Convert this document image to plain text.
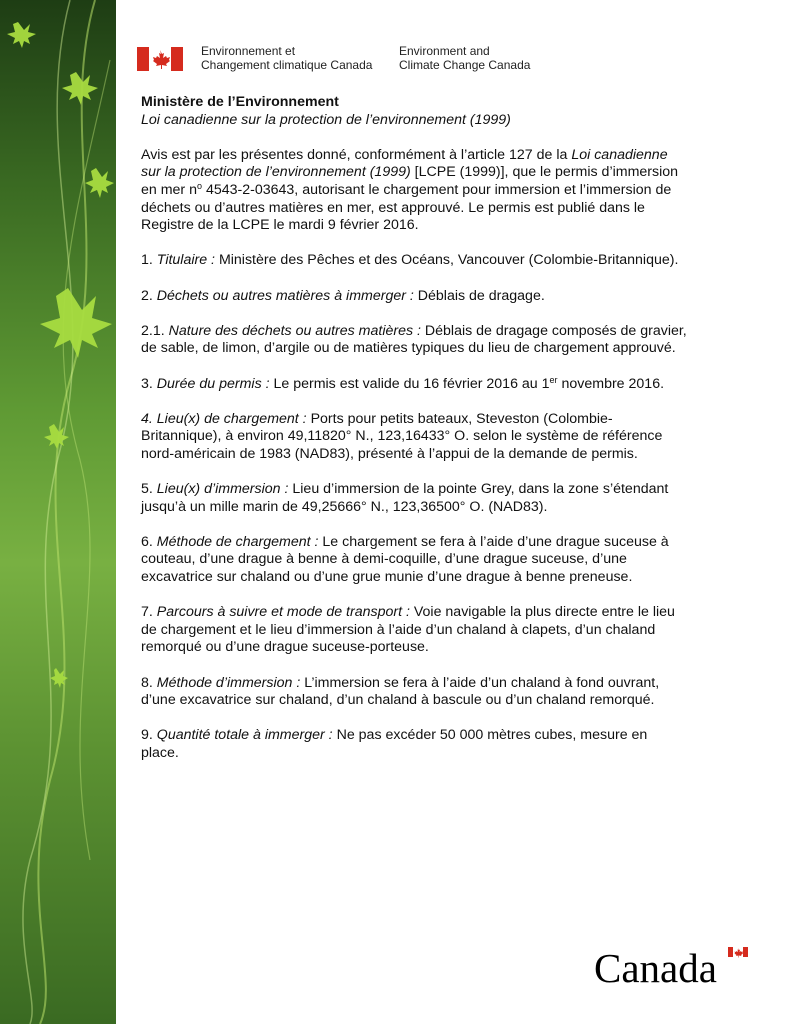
Environnement et
Changement climatique Canada
Environment and
Climate Change Canada
Ministère de l’Environnement

Loi canadienne sur la protection de l’environnement (1999)

Avis est par les présentes donné, conformément à l’article 127 de la Loi canadienne sur la protection de l’environnement (1999) [LCPE (1999)], que le permis d’immersion en mer $n^o$ 4543-2-03643, autorisant le chargement pour immersion et l’immersion de déchets ou d’autres matières en mer, est approuvé. Le permis est publié dans le Registre de la LCPE le mardi 9 février 2016.

1. Titulaire : Ministère des Pêches et des Océans, Vancouver (Colombie-Britannique).

2. Déchets ou autres matières à immerger : Déblais de dragage.

2.1. Nature des déchets ou autres matières : Déblais de dragage composés de gravier, de sable, de limon, d’argile ou de matières typiques du lieu de chargement approuvé.

3. Durée du permis : Le permis est valide du 16 février 2016 au 1er novembre 2016.

4. Lieu(x) de chargement : Ports pour petits bateaux, Steveston (Colombie-Britannique), à environ 49,11820° N., 123,16433° O. selon le système de référence nord-américain de 1983 (NAD83), présenté à l’appui de la demande de permis.

5. Lieu(x) d’immersion : Lieu d’immersion de la pointe Grey, dans la zone s’étendant jusqu’à un mille marin de 49,25666° N., 123,36500° O. (NAD83).

6. Méthode de chargement : Le chargement se fera à l’aide d’une drague suceuse à couteau, d’une drague à benne à demi-coquille, d’une drague suceuse, d’une excavatrice sur chaland ou d’une grue munie d’une drague à benne preneuse.

7. Parcours à suivre et mode de transport : Voie navigable la plus directe entre le lieu de chargement et le lieu d’immersion à l’aide d’un chaland à clapets, d’un chaland remorqué ou d’une drague suceuse-porteuse.

8. Méthode d’immersion : L’immersion se fera à l’aide d’un chaland à fond ouvrant, d’une excavatrice sur chaland, d’un chaland à bascule ou d’un chaland remorqué.

9. Quantité totale à immerger : Ne pas excéder 50 000 mètres cubes, mesure en place.

Canada
